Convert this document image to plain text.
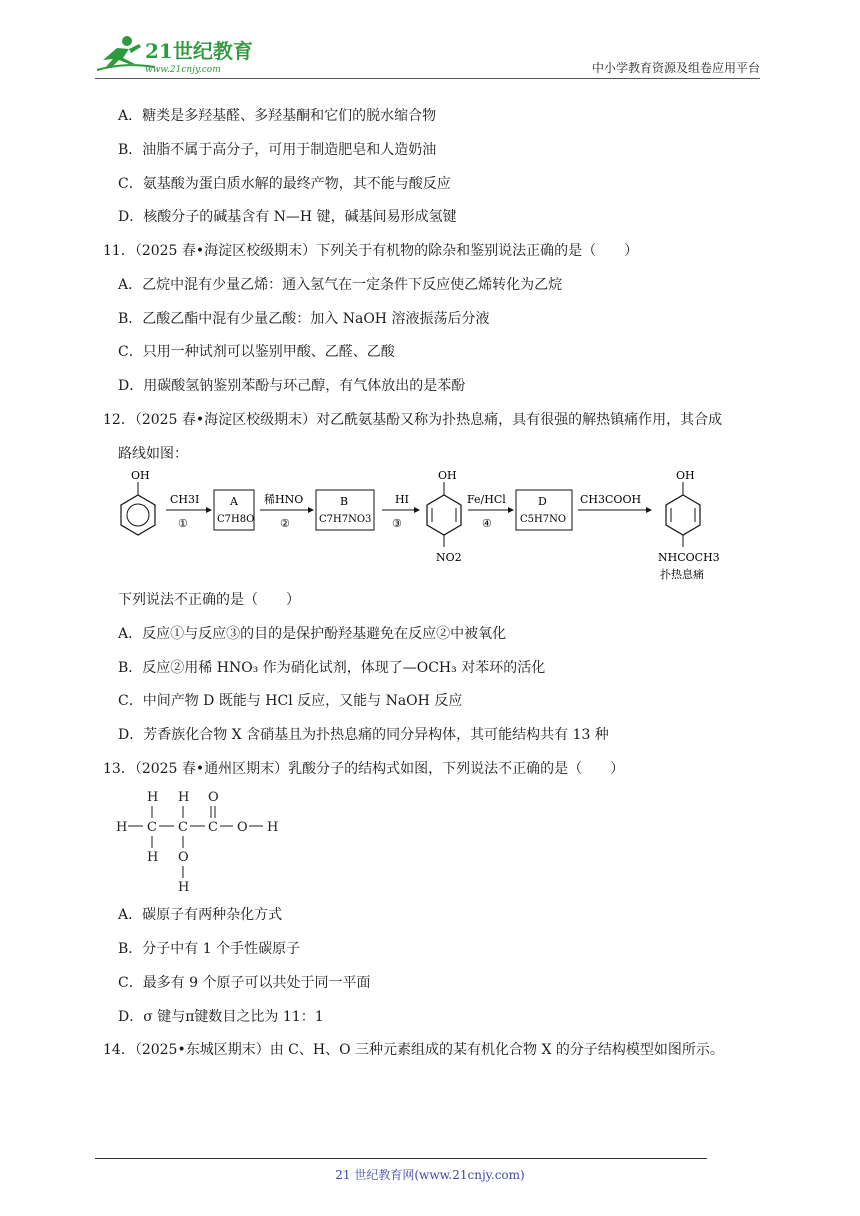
21世纪教育
www.21cnjy.com	中小学教育资源及组卷应用平台
A．糖类是多羟基醛、多羟基酮和它们的脱水缩合物
B．油脂不属于高分子，可用于制造肥皂和人造奶油
C．氨基酸为蛋白质水解的最终产物，其不能与酸反应
D．核酸分子的碱基含有 N—H 键，碱基间易形成氢键
11．（2025 春•海淀区校级期末）下列关于有机物的除杂和鉴别说法正确的是（　　）
A．乙烷中混有少量乙烯：通入氢气在一定条件下反应使乙烯转化为乙烷
B．乙酸乙酯中混有少量乙酸：加入 NaOH 溶液振荡后分液
C．只用一种试剂可以鉴别甲酸、乙醛、乙酸
D．用碳酸氢钠鉴别苯酚与环己醇，有气体放出的是苯酚
12．（2025 春•海淀区校级期末）对乙酰氨基酚又称为扑热息痛，具有很强的解热镇痛作用，其合成
路线如图：
OH
CH3I
①
A
C7H8O
稀HNO
②
B
C7H7NO3
HI
③
OH
NO2
Fe/HCl
④
D
C5H7NO
CH3COOH
OH
NHCOCH3
扑热息痛
下列说法不正确的是（　　）
A．反应①与反应③的目的是保护酚羟基避免在反应②中被氧化
B．反应②用稀 HNO₃ 作为硝化试剂，体现了—OCH₃ 对苯环的活化
C．中间产物 D 既能与 HCl 反应，又能与 NaOH 反应
D．芳香族化合物 X 含硝基且为扑热息痛的同分异构体，其可能结构共有 13 种
13．（2025 春•通州区期末）乳酸分子的结构式如图，下列说法不正确的是（　　）
H H O
H C C C O H
H O
H
A．碳原子有两种杂化方式
B．分子中有 1 个手性碳原子
C．最多有 9 个原子可以共处于同一平面
D．σ 键与π键数目之比为 11：1
14．（2025•东城区期末）由 C、H、O 三种元素组成的某有机化合物 X 的分子结构模型如图所示。
21 世纪教育网(www.21cnjy.com)
